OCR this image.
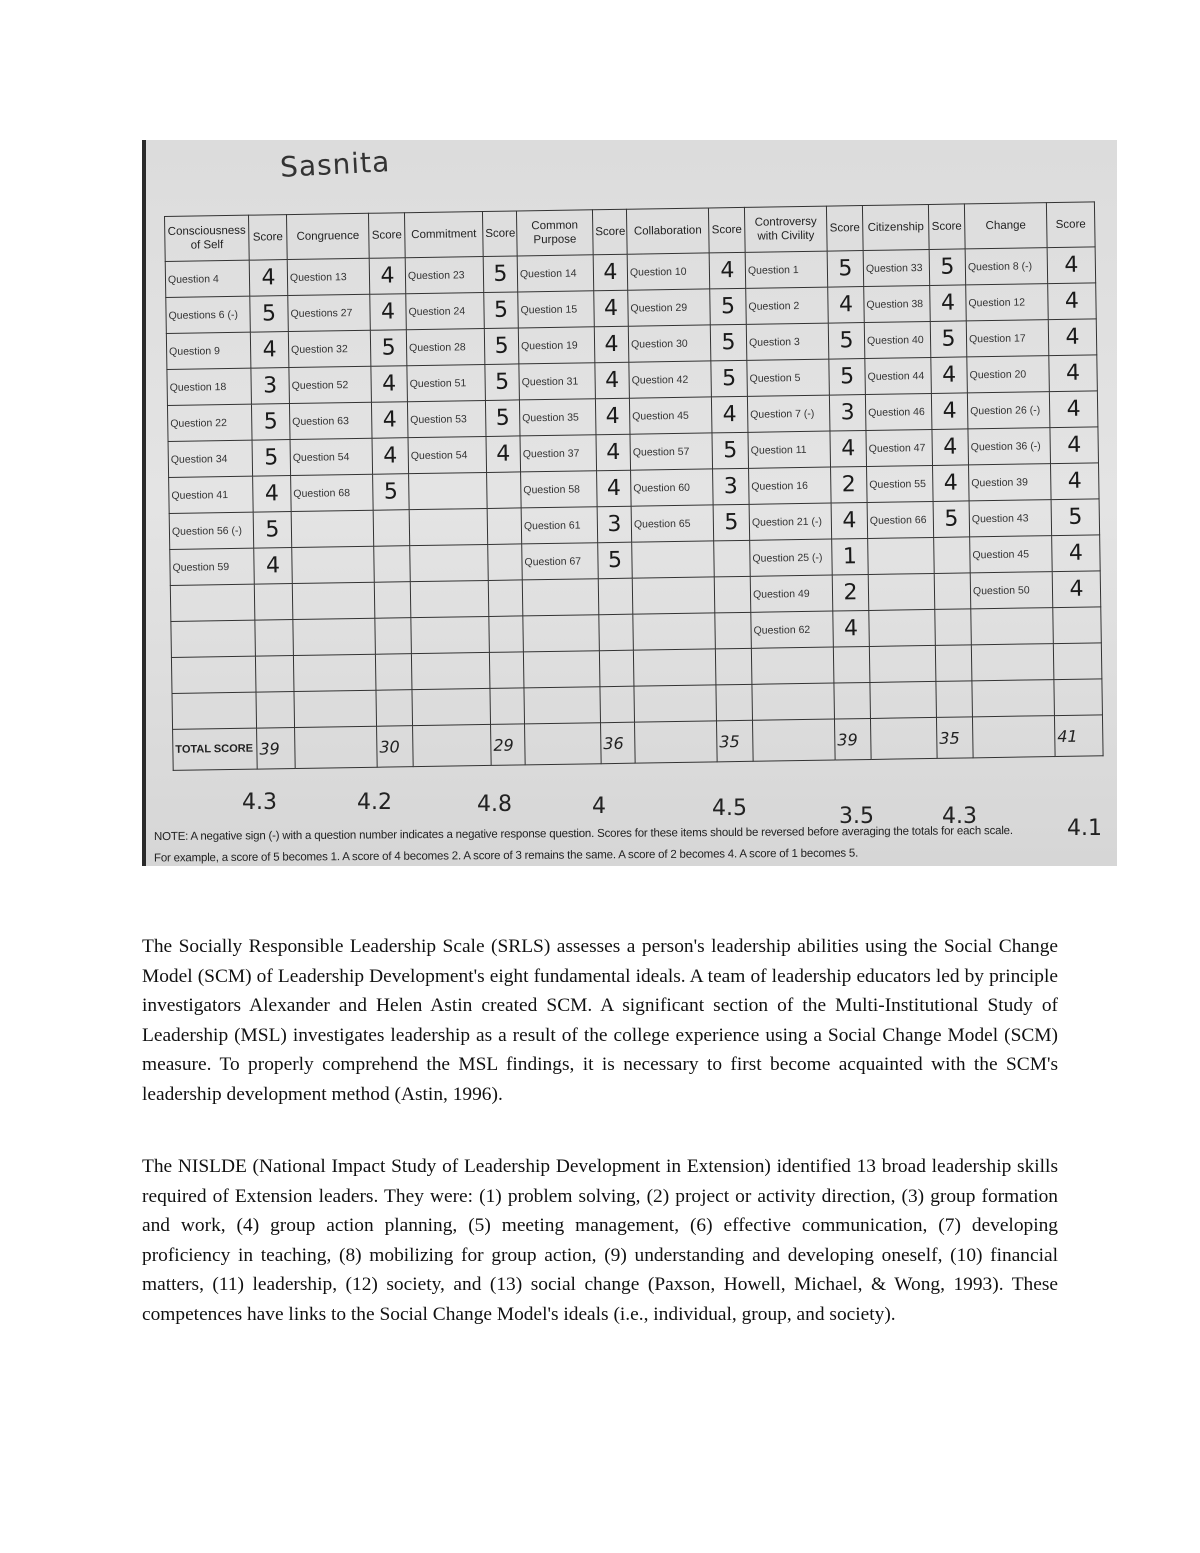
Sasnita
Consciousness of Self	Score	Congruence	Score	Commitment	Score	Common Purpose	Score	Collaboration	Score	Controversy with Civility	Score	Citizenship	Score	Change	Score
Question 4	4	Question 13	4	Question 23	5	Question 14	4	Question 10	4	Question 1	5	Question 33	5	Question 8 (-)	4
Questions 6 (-)	5	Questions 27	4	Question 24	5	Question 15	4	Question 29	5	Question 2	4	Question 38	4	Question 12	4
Question 9	4	Question 32	5	Question 28	5	Question 19	4	Question 30	5	Question 3	5	Question 40	5	Question 17	4
Question 18	3	Question 52	4	Question 51	5	Question 31	4	Question 42	5	Question 5	5	Question 44	4	Question 20	4
Question 22	5	Question 63	4	Question 53	5	Question 35	4	Question 45	4	Question 7 (-)	3	Question 46	4	Question 26 (-)	4
Question 34	5	Question 54	4	Question 54	4	Question 37	4	Question 57	5	Question 11	4	Question 47	4	Question 36 (-)	4
Question 41	4	Question 68	5			Question 58	4	Question 60	3	Question 16	2	Question 55	4	Question 39	4
Question 56 (-)	5					Question 61	3	Question 65	5	Question 21 (-)	4	Question 66	5	Question 43	5
Question 59	4					Question 67	5			Question 25 (-)	1			Question 45	4
										Question 49	2			Question 50	4
										Question 62	4				

TOTAL SCORE	39		30		29		36		35		39		35		41
4.3	4.2	4.8	4	4.5	3.5	4.3	4.1
NOTE: A negative sign (-) with a question number indicates a negative response question. Scores for these items should be reversed before averaging the totals for each scale.
For example, a score of 5 becomes 1. A score of 4 becomes 2. A score of 3 remains the same. A score of 2 becomes 4. A score of 1 becomes 5.

The Socially Responsible Leadership Scale (SRLS) assesses a person's leadership abilities using the Social Change Model (SCM) of Leadership Development's eight fundamental ideals. A team of leadership educators led by principle investigators Alexander and Helen Astin created SCM. A significant section of the Multi-Institutional Study of Leadership (MSL) investigates leadership as a result of the college experience using a Social Change Model (SCM) measure. To properly comprehend the MSL findings, it is necessary to first become acquainted with the SCM's leadership development method (Astin, 1996).

The NISLDE (National Impact Study of Leadership Development in Extension) identified 13 broad leadership skills required of Extension leaders. They were: (1) problem solving, (2) project or activity direction, (3) group formation and work, (4) group action planning, (5) meeting management, (6) effective communication, (7) developing proficiency in teaching, (8) mobilizing for group action, (9) understanding and developing oneself, (10) financial matters, (11) leadership, (12) society, and (13) social change (Paxson, Howell, Michael, & Wong, 1993). These competences have links to the Social Change Model's ideals (i.e., individual, group, and society).
